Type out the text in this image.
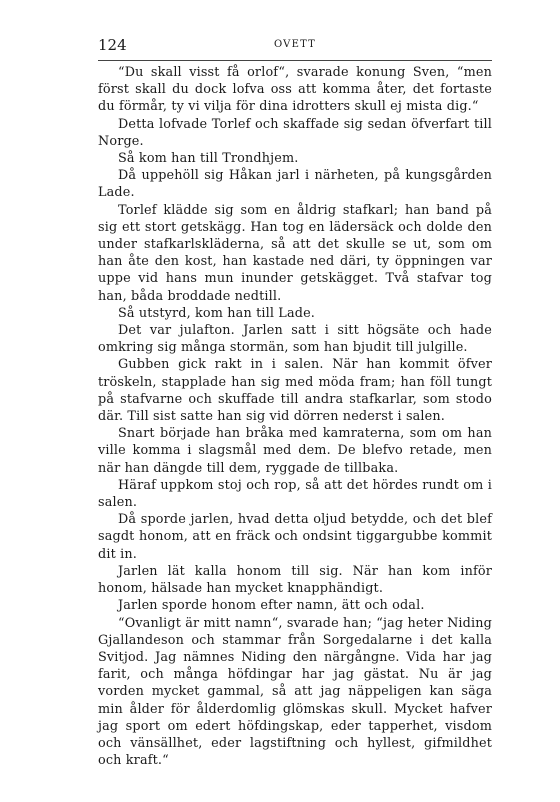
124	OVETT

“Du skall visst få orlof“, svarade konung Sven, “men först skall du dock lofva oss att komma åter, det fortaste du förmår, ty vi vilja för dina idrotters skull ej mista dig.“

Detta lofvade Torlef och skaffade sig sedan öfverfart till Norge.

Så kom han till Trondhjem.

Då uppehöll sig Håkan jarl i närheten, på kungsgården Lade.

Torlef klädde sig som en åldrig stafkarl; han band på sig ett stort getskägg. Han tog en lädersäck och dolde den under stafkarlskläderna, så att det skulle se ut, som om han åte den kost, han kastade ned däri, ty öppningen var uppe vid hans mun inunder getskägget. Två stafvar tog han, båda broddade nedtill.

Så utstyrd, kom han till Lade.

Det var julafton. Jarlen satt i sitt högsäte och hade omkring sig många stormän, som han bjudit till julgille.

Gubben gick rakt in i salen. När han kommit öfver tröskeln, stapplade han sig med möda fram; han föll tungt på stafvarne och skuffade till andra stafkarlar, som stodo där. Till sist satte han sig vid dörren nederst i salen.

Snart började han bråka med kamraterna, som om han ville komma i slagsmål med dem. De blefvo retade, men när han dängde till dem, ryggade de tillbaka.

Häraf uppkom stoj och rop, så att det hördes rundt om i salen.

Då sporde jarlen, hvad detta oljud betydde, och det blef sagdt honom, att en fräck och ondsint tiggargubbe kommit dit in.

Jarlen lät kalla honom till sig. När han kom inför honom, hälsade han mycket knapphändigt.

Jarlen sporde honom efter namn, ätt och odal.

“Ovanligt är mitt namn“, svarade han; “jag heter Niding Gjallandeson och stammar från Sorgedalarne i det kalla Svitjod. Jag nämnes Niding den närgångne. Vida har jag farit, och många höfdingar har jag gästat. Nu är jag vorden mycket gammal, så att jag näppeligen kan säga min ålder för ålderdomlig glömskas skull. Mycket hafver jag sport om edert höfdingskap, eder tapperhet, visdom och vänsällhet, eder lagstiftning och hyllest, gifmildhet och kraft.“
